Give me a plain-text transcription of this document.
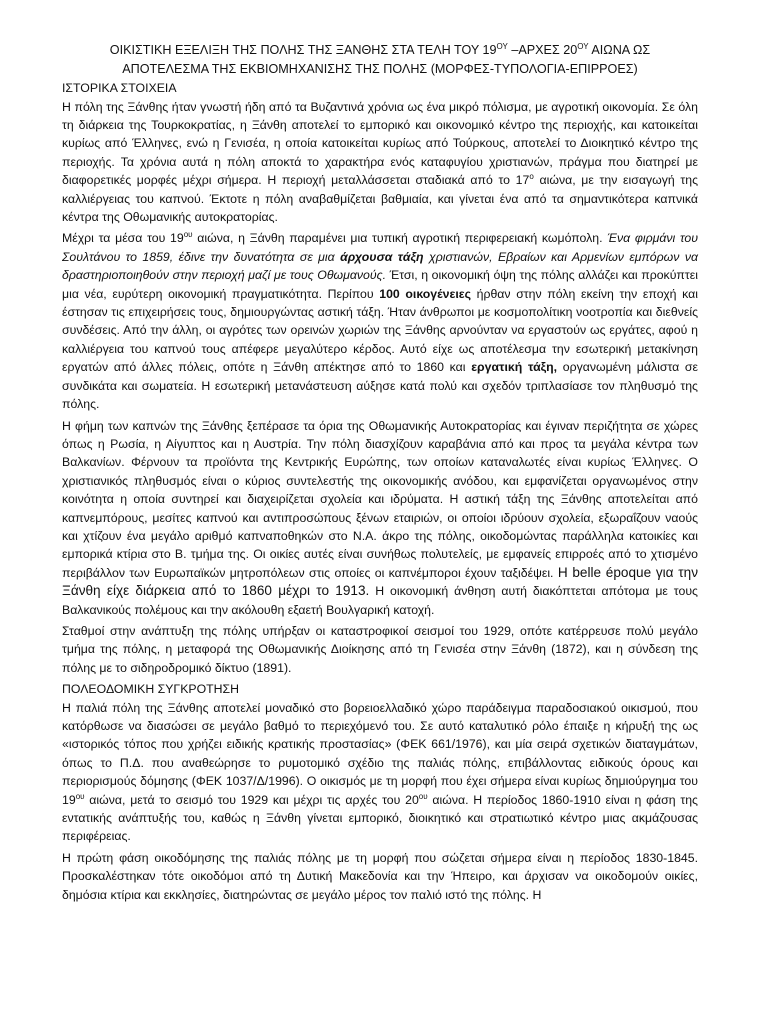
ΟΙΚΙΣΤΙΚΗ ΕΞΕΛΙΞΗ ΤΗΣ ΠΟΛΗΣ ΤΗΣ ΞΑΝΘΗΣ ΣΤΑ ΤΕΛΗ ΤΟΥ $19^{O\Upsilon}$ –ΑΡΧΕΣ $20^{O\Upsilon}$ ΑΙΩΝΑ ΩΣ ΑΠΟΤΕΛΕΣΜΑ ΤΗΣ ΕΚΒΙΟΜΗΧΑΝΙΣΗΣ ΤΗΣ ΠΟΛΗΣ (ΜΟΡΦΕΣ-ΤΥΠΟΛΟΓΙΑ-ΕΠΙΡΡΟΕΣ)
ΙΣΤΟΡΙΚΑ ΣΤΟΙΧΕΙΑ

Η πόλη της Ξάνθης ήταν γνωστή ήδη από τα Βυζαντινά χρόνια ως ένα μικρό πόλισμα, με αγροτική οικονομία. Σε όλη τη διάρκεια της Τουρκοκρατίας, η Ξάνθη αποτελεί το εμπορικό και οικονομικό κέντρο της περιοχής, και κατοικείται κυρίως από Έλληνες, ενώ η Γενισέα, η οποία κατοικείται κυρίως από Τούρκους, αποτελεί το Διοικητικό κέντρο της περιοχής. Τα χρόνια αυτά η πόλη αποκτά το χαρακτήρα ενός καταφυγίου χριστιανών, πράγμα που διατηρεί με διαφορετικές μορφές μέχρι σήμερα. Η περιοχή μεταλλάσσεται σταδιακά από το $17^o$ αιώνα, με την εισαγωγή της καλλιέργειας του καπνού. Έκτοτε η πόλη αναβαθμίζεται βαθμιαία, και γίνεται ένα από τα σημαντικότερα καπνικά κέντρα της Οθωμανικής αυτοκρατορίας.

Μέχρι τα μέσα του $19^{o\upsilon}$ αιώνα, η Ξάνθη παραμένει μια τυπική αγροτική περιφερειακή κωμόπολη. Ένα φιρμάνι του Σουλτάνου το 1859, έδινε την δυνατότητα σε μια άρχουσα τάξη χριστιανών, Εβραίων και Αρμενίων εμπόρων να δραστηριοποιηθούν στην περιοχή μαζί με τους Οθωμανούς. Έτσι, η οικονομική όψη της πόλης αλλάζει και προκύπτει μια νέα, ευρύτερη οικονομική πραγματικότητα. Περίπου 100 οικογένειες ήρθαν στην πόλη εκείνη την εποχή και έστησαν τις επιχειρήσεις τους, δημιουργώντας αστική τάξη. Ήταν άνθρωποι με κοσμοπολίτικη νοοτροπία και διεθνείς συνδέσεις. Από την άλλη, οι αγρότες των ορεινών χωριών της Ξάνθης αρνούνταν να εργαστούν ως εργάτες, αφού η καλλιέργεια του καπνού τους απέφερε μεγαλύτερο κέρδος. Αυτό είχε ως αποτέλεσμα την εσωτερική μετακίνηση εργατών από άλλες πόλεις, οπότε η Ξάνθη απέκτησε από το 1860 και εργατική τάξη, οργανωμένη μάλιστα σε συνδικάτα και σωματεία. Η εσωτερική μετανάστευση αύξησε κατά πολύ και σχεδόν τριπλασίασε τον πληθυσμό της πόλης.

Η φήμη των καπνών της Ξάνθης ξεπέρασε τα όρια της Οθωμανικής Αυτοκρατορίας και έγιναν περιζήτητα σε χώρες όπως η Ρωσία, η Αίγυπτος και η Αυστρία. Την πόλη διασχίζουν καραβάνια από και προς τα μεγάλα κέντρα των Βαλκανίων. Φέρνουν τα προϊόντα της Κεντρικής Ευρώπης, των οποίων καταναλωτές είναι κυρίως Έλληνες. Ο χριστιανικός πληθυσμός είναι ο κύριος συντελεστής της οικονομικής ανόδου, και εμφανίζεται οργανωμένος στην κοινότητα η οποία συντηρεί και διαχειρίζεται σχολεία και ιδρύματα. Η αστική τάξη της Ξάνθης αποτελείται από καπνεμπόρους, μεσίτες καπνού και αντιπροσώπους ξένων εταιριών, οι οποίοι ιδρύουν σχολεία, εξωραΐζουν ναούς και χτίζουν ένα μεγάλο αριθμό καπναποθηκών στο Ν.Α. άκρο της πόλης, οικοδομώντας παράλληλα κατοικίες και εμπορικά κτίρια στο Β. τμήμα της. Οι οικίες αυτές είναι συνήθως πολυτελείς, με εμφανείς επιρροές από το χτισμένο περιβάλλον των Ευρωπαϊκών μητροπόλεων στις οποίες οι καπνέμποροι έχουν ταξιδέψει. Η belle époque για την Ξάνθη είχε διάρκεια από το 1860 μέχρι το 1913. Η οικονομική άνθηση αυτή διακόπτεται απότομα με τους Βαλκανικούς πολέμους και την ακόλουθη εξαετή Βουλγαρική κατοχή.

Σταθμοί στην ανάπτυξη της πόλης υπήρξαν οι καταστροφικοί σεισμοί του 1929, οπότε κατέρρευσε πολύ μεγάλο τμήμα της πόλης, η μεταφορά της Οθωμανικής Διοίκησης από τη Γενισέα στην Ξάνθη (1872), και η σύνδεση της πόλης με το σιδηροδρομικό δίκτυο (1891).

ΠΟΛΕΟΔΟΜΙΚΗ ΣΥΓΚΡΟΤΗΣΗ

Η παλιά πόλη της Ξάνθης αποτελεί μοναδικό στο βορειοελλαδικό χώρο παράδειγμα παραδοσιακού οικισμού, που κατόρθωσε να διασώσει σε μεγάλο βαθμό το περιεχόμενό του. Σε αυτό καταλυτικό ρόλο έπαιξε η κήρυξή της ως «ιστορικός τόπος που χρήζει ειδικής κρατικής προστασίας» (ΦΕΚ 661/1976), και μία σειρά σχετικών διαταγμάτων, όπως το Π.Δ. που αναθεώρησε το ρυμοτομικό σχέδιο της παλιάς πόλης, επιβάλλοντας ειδικούς όρους και περιορισμούς δόμησης (ΦΕΚ 1037/Δ/1996). Ο οικισμός με τη μορφή που έχει σήμερα είναι κυρίως δημιούργημα του $19^{o\upsilon}$ αιώνα, μετά το σεισμό του 1929 και μέχρι τις αρχές του $20^{o\upsilon}$ αιώνα. Η περίοδος 1860-1910 είναι η φάση της εντατικής ανάπτυξής του, καθώς η Ξάνθη γίνεται εμπορικό, διοικητικό και στρατιωτικό κέντρο μιας ακμάζουσας περιφέρειας.

Η πρώτη φάση οικοδόμησης της παλιάς πόλης με τη μορφή που σώζεται σήμερα είναι η περίοδος 1830-1845. Προσκαλέστηκαν τότε οικοδόμοι από τη Δυτική Μακεδονία και την Ήπειρο, και άρχισαν να οικοδομούν οικίες, δημόσια κτίρια και εκκλησίες, διατηρώντας σε μεγάλο μέρος τον παλιό ιστό της πόλης. Η
